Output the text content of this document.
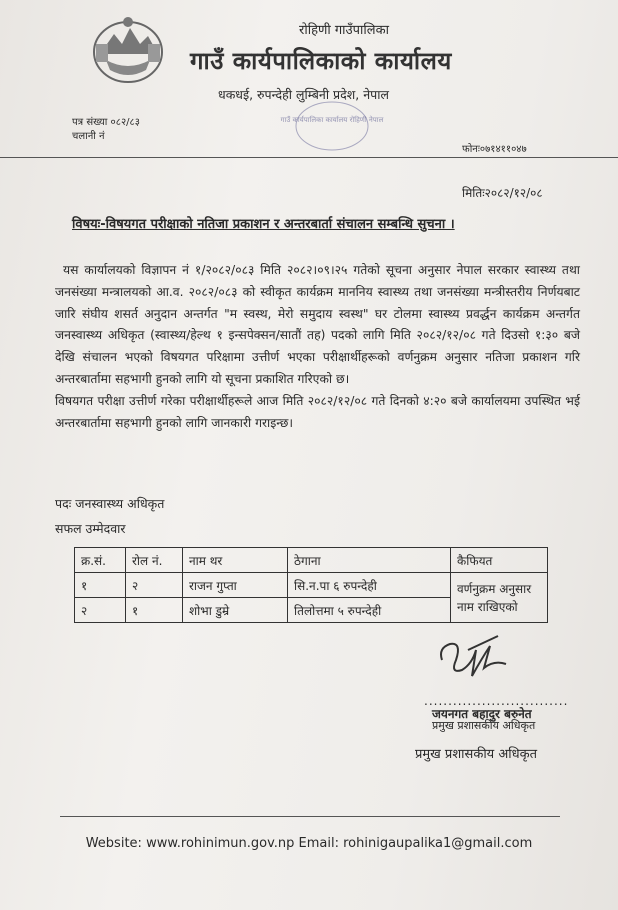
रोहिणी गाउँपालिका
गाउँ कार्यपालिकाको कार्यालय
धकधई, रुपन्देही लुम्बिनी प्रदेश, नेपाल
गाउँ कार्यपालिका कार्यालय रोहिणी नेपाल
पत्र संख्या ०८२/८३
चलानी नं
फोनः०७१४११०४७
मितिः२०८२/१२/०८
विषयः-विषयगत परीक्षाको नतिजा प्रकाशन र अन्तरबार्ता संचालन सम्बन्धि सुचना ।

यस कार्यालयको विज्ञापन नं १/२०८२/०८३ मिति २०८२।०९।२५ गतेको सूचना अनुसार नेपाल सरकार स्वास्थ्य तथा जनसंख्या मन्त्रालयको आ.व. २०८२/०८३ को स्वीकृत कार्यक्रम माननिय स्वास्थ्य तथा जनसंख्या मन्त्रीस्तरीय निर्णयबाट जारि संघीय शसर्त अनुदान अन्तर्गत "म स्वस्थ, मेरो समुदाय स्वस्थ" घर टोलमा स्वास्थ्य प्रवर्द्धन कार्यक्रम अन्तर्गत जनस्वास्थ्य अधिकृत (स्वास्थ्य/हेल्थ १ इन्सपेक्सन/सातौं तह) पदको लागि मिति २०८२/१२/०८ गते दिउसो १:३० बजे देखि संचालन भएको विषयगत परिक्षामा उत्तीर्ण भएका परीक्षार्थीहरूको वर्णनुक्रम अनुसार नतिजा प्रकाशन गरि अन्तरबार्तामा सहभागी हुनको लागि यो सूचना प्रकाशित गरिएको छ।

विषयगत परीक्षा उत्तीर्ण गरेका परीक्षार्थीहरूले आज मिति २०८२/१२/०८ गते दिनको ४:२० बजे कार्यालयमा उपस्थित भई अन्तरबार्तामा सहभागी हुनको लागि जानकारी गराइन्छ।

पदः जनस्वास्थ्य अधिकृत
सफल उम्मेदवार
क्र.सं.	रोल नं.	नाम थर	ठेगाना	कैफियत
१	२	राजन गुप्ता	सि.न.पा ६ रुपन्देही	वर्णनुक्रम अनुसार नाम राखिएको
२	१	शोभा डुम्रे	तिलोत्तमा ५ रुपन्देही	
..............................
जयनगत बहादुर बरुनेत
प्रमुख प्रशासकीय अधिकृत
प्रमुख प्रशासकीय अधिकृत
Website: www.rohinimun.gov.np Email: rohinigaupalika1@gmail.com
